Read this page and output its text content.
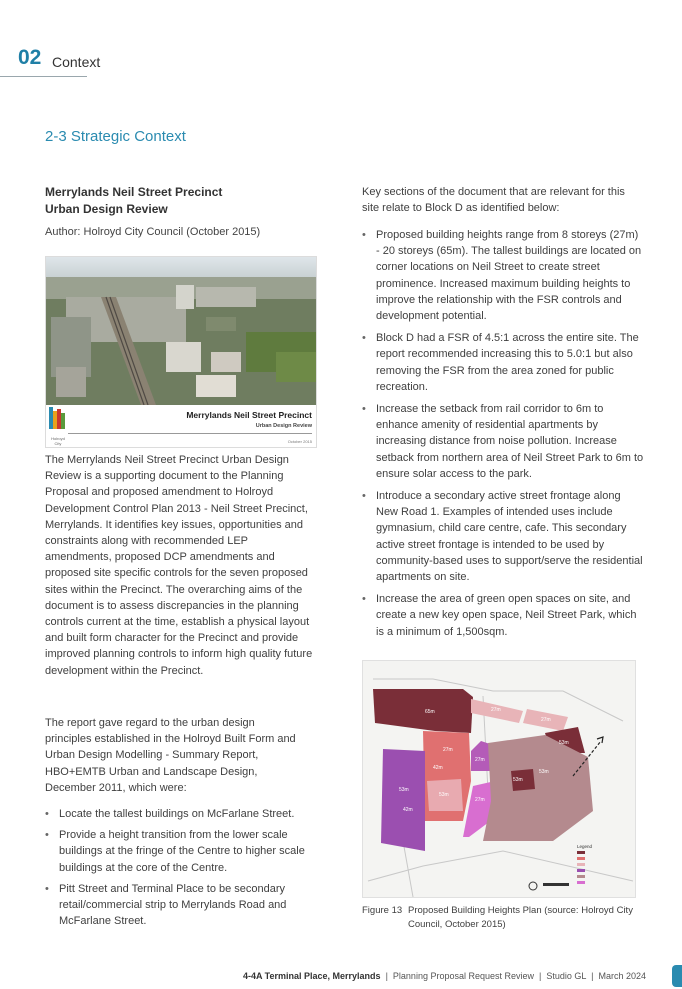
02 Context
2-3 Strategic Context
Merrylands Neil Street Precinct
Urban Design Review
Author: Holroyd City Council (October 2015)
Holroyd City
Merrylands Neil Street Precinct
Urban Design Review
October 2015
The Merrylands Neil Street Precinct Urban Design Review is a supporting document to the Planning Proposal and proposed amendment to Holroyd Development Control Plan 2013 - Neil Street Precinct, Merrylands. It identifies key issues, opportunities and constraints along with recommended LEP amendments, proposed DCP amendments and proposed site specific controls for the seven proposed sites within the Precinct. The overarching aims of the document is to assess discrepancies in the planning controls current at the time, establish a physical layout and built form character for the Precinct and provide improved planning controls to inform high quality future development within the Precinct.
The report gave regard to the urban design principles established in the Holroyd Built Form and Urban Design Modelling - Summary Report, HBO+EMTB Urban and Landscape Design, December 2011, which were:
• Locate the tallest buildings on McFarlane Street.
• Provide a height transition from the lower scale buildings at the fringe of the Centre to higher scale buildings at the core of the Centre.
• Pitt Street and Terminal Place to be secondary retail/commercial strip to Merrylands Road and McFarlane Street.
Key sections of the document that are relevant for this site relate to Block D as identified below:
• Proposed building heights range from 8 storeys (27m) - 20 storeys (65m). The tallest buildings are located on corner locations on Neil Street to create street prominence. Increased maximum building heights to improve the relationship with the FSR controls and development potential.
• Block D had a FSR of 4.5:1 across the entire site. The report recommended increasing this to 5.0:1 but also removing the FSR from the area zoned for public recreation.
• Increase the setback from rail corridor to 6m to enhance amenity of residential apartments by increasing distance from noise pollution. Increase setback from northern area of Neil Street Park to 6m to ensure solar access to the park.
• Introduce a secondary active street frontage along New Road 1. Examples of intended uses include gymnasium, child care centre, cafe. This secondary active street frontage is intended to be used by community-based uses to support/serve the residential apartments on site.
• Increase the area of green open spaces on site, and create a new key open space, Neil Street Park, which is a minimum of 1,500sqm.
65m	27m
27m
53m
27m
42m
53m
27m
53m
27m
53m
53m
42m
Legend
Figure 13 Proposed Building Heights Plan (source: Holroyd City Council, October 2015)
4-4A Terminal Place, Merrylands | Planning Proposal Request Review | Studio GL | March 2024
